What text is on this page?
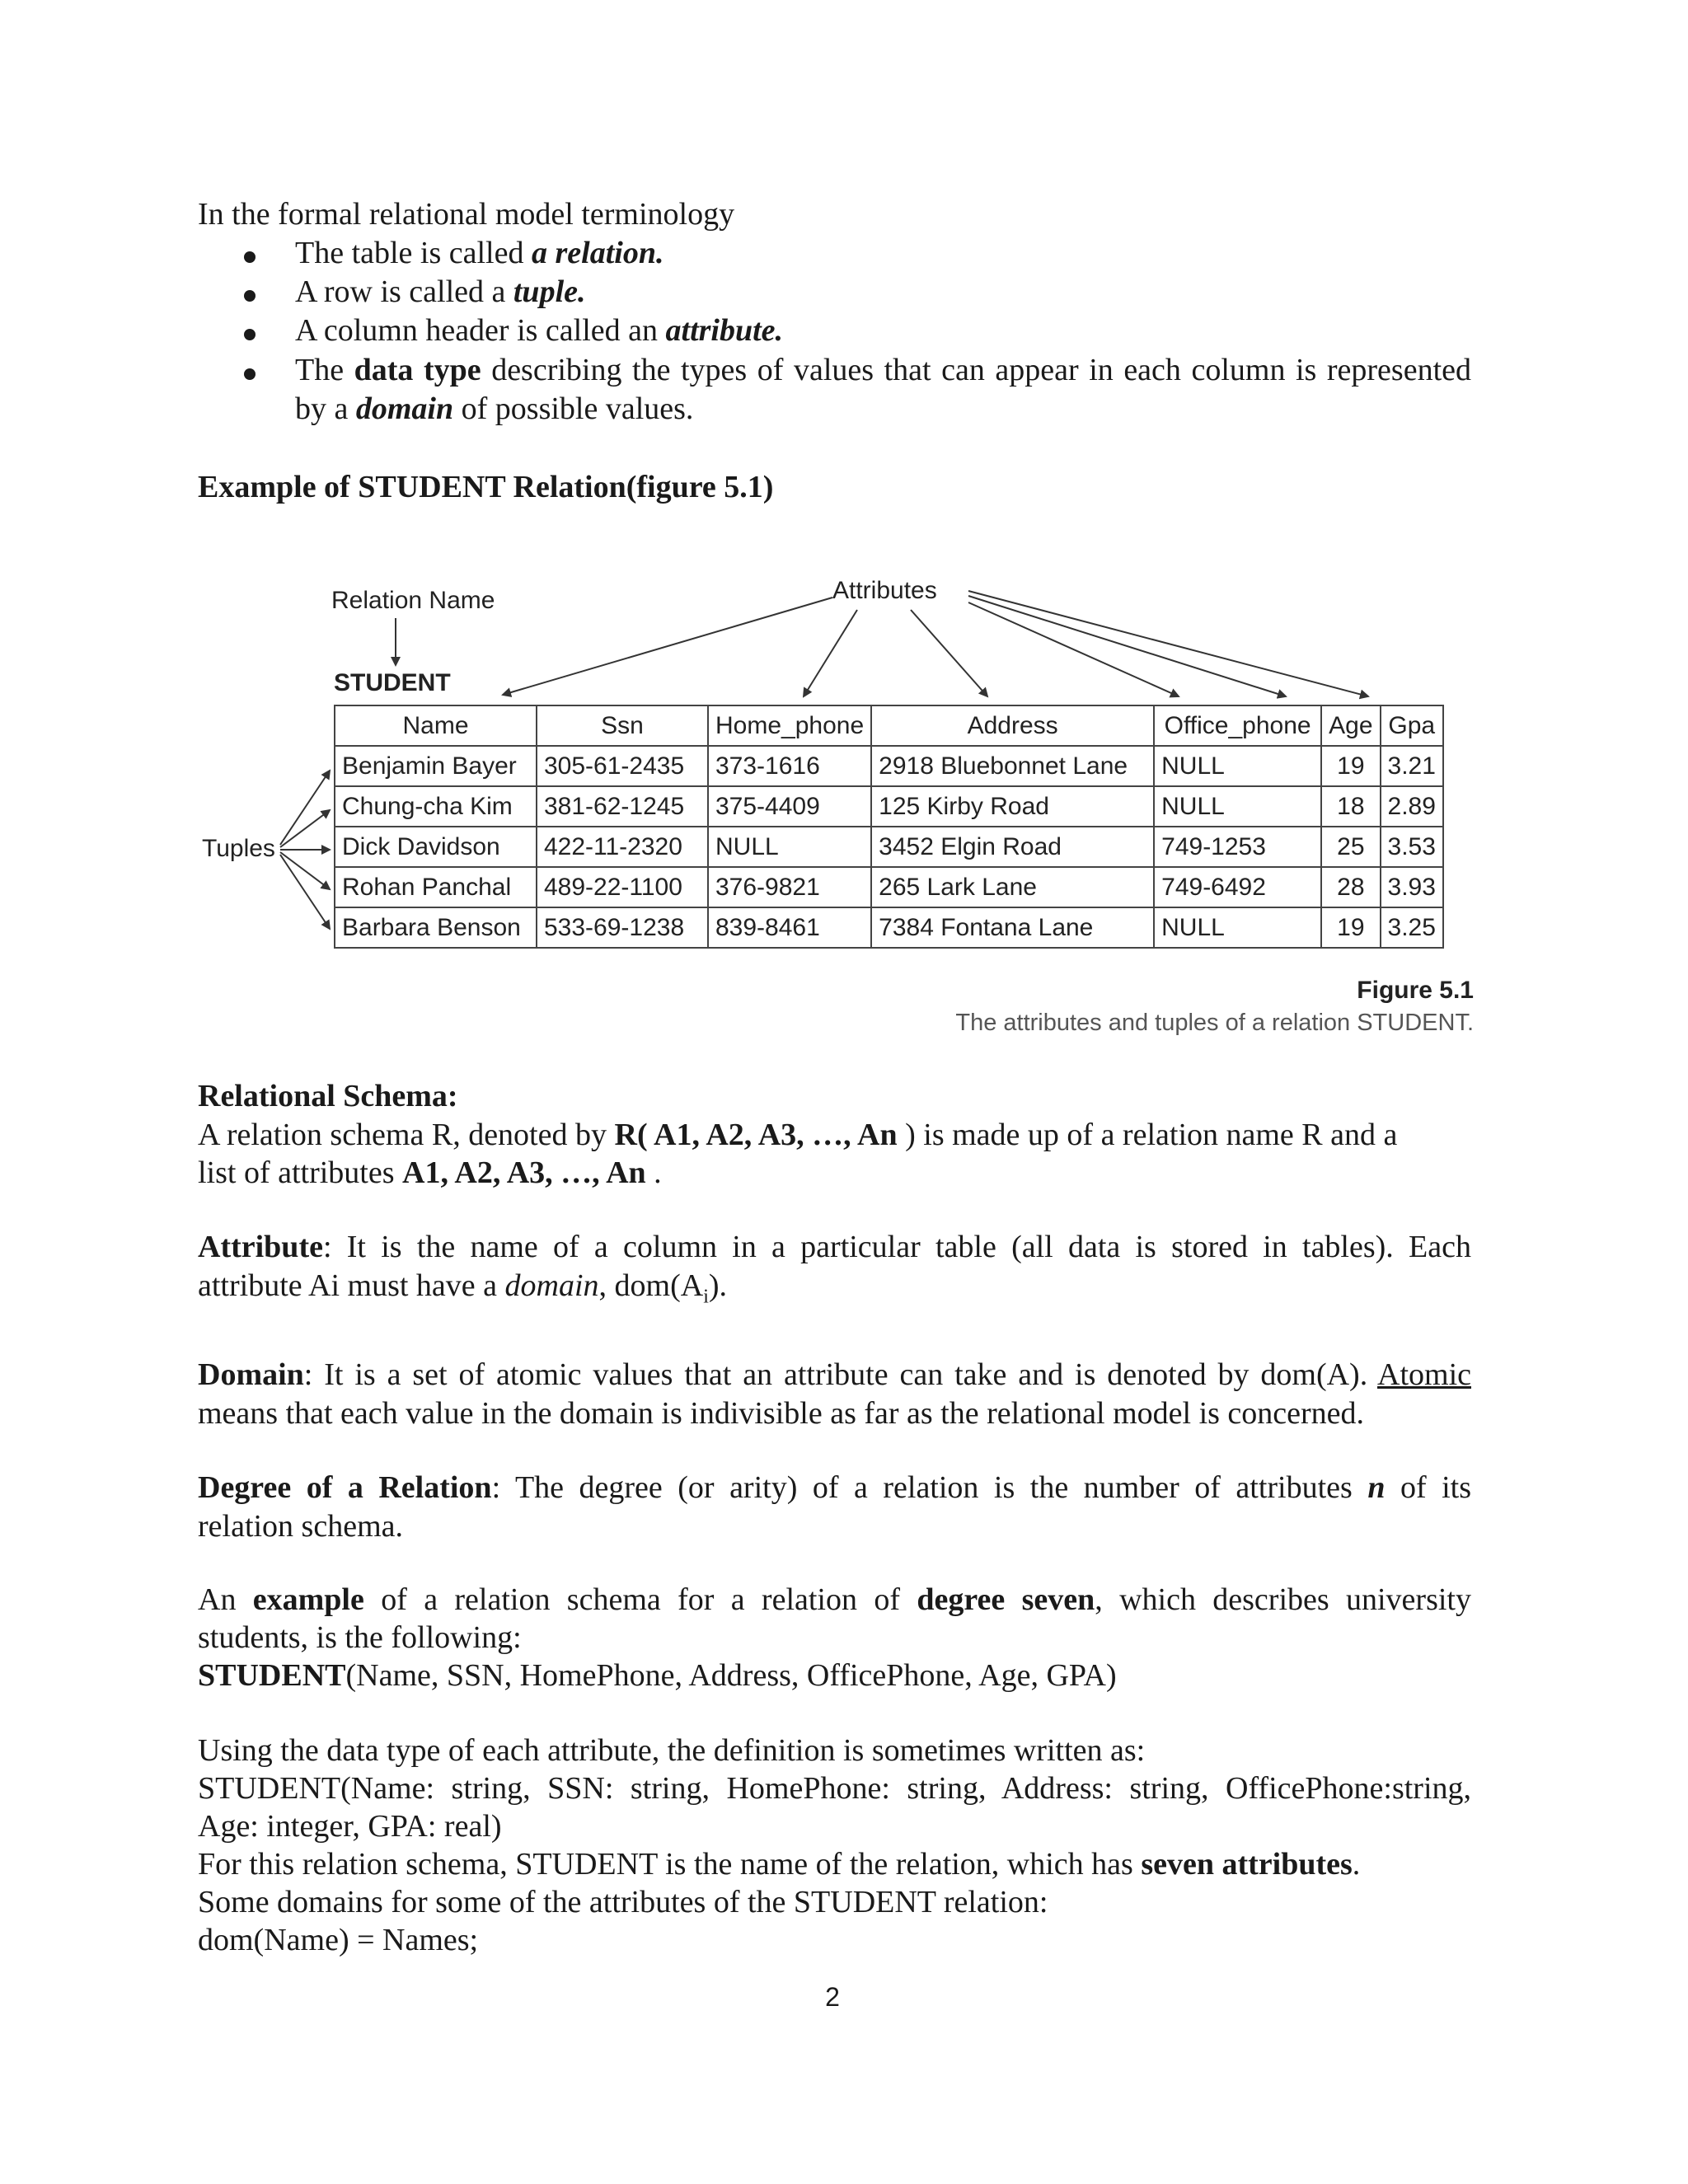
In the formal relational model terminology
The table is called a relation.
A row is called a tuple.
A column header is called an attribute.
The data type describing the types of values that can appear in each column is represented by a domain of possible values.
Example of STUDENT Relation(figure 5.1)
Relation Name	Attributes
Tuples
STUDENT
Name	Ssn	Home_phone	Address	Office_phone	Age	Gpa
Benjamin Bayer	305-61-2435	373-1616	2918 Bluebonnet Lane	NULL	19	3.21
Chung-cha Kim	381-62-1245	375-4409	125 Kirby Road	NULL	18	2.89
Dick Davidson	422-11-2320	NULL	3452 Elgin Road	749-1253	25	3.53
Rohan Panchal	489-22-1100	376-9821	265 Lark Lane	749-6492	28	3.93
Barbara Benson	533-69-1238	839-8461	7384 Fontana Lane	NULL	19	3.25
Figure 5.1
The attributes and tuples of a relation STUDENT.
Relational Schema:
A relation schema R, denoted by R( A1, A2, A3, …, An ) is made up of a relation name R and a
list of attributes A1, A2, A3, …, An .
Attribute: It is the name of a column in a particular table (all data is stored in tables). Each
attribute Ai must have a domain, $dom(A_i)$.
Domain: It is a set of atomic values that an attribute can take and is denoted by dom(A). Atomic
means that each value in the domain is indivisible as far as the relational model is concerned.
Degree of a Relation: The degree (or arity) of a relation is the number of attributes n of its
relation schema.
An example of a relation schema for a relation of degree seven, which describes university
students, is the following:
STUDENT(Name, SSN, HomePhone, Address, OfficePhone, Age, GPA)
Using the data type of each attribute, the definition is sometimes written as:
STUDENT(Name: string, SSN: string, HomePhone: string, Address: string, OfficePhone:string,
Age: integer, GPA: real)
For this relation schema, STUDENT is the name of the relation, which has seven attributes.
Some domains for some of the attributes of the STUDENT relation:
dom(Name) = Names;
2
